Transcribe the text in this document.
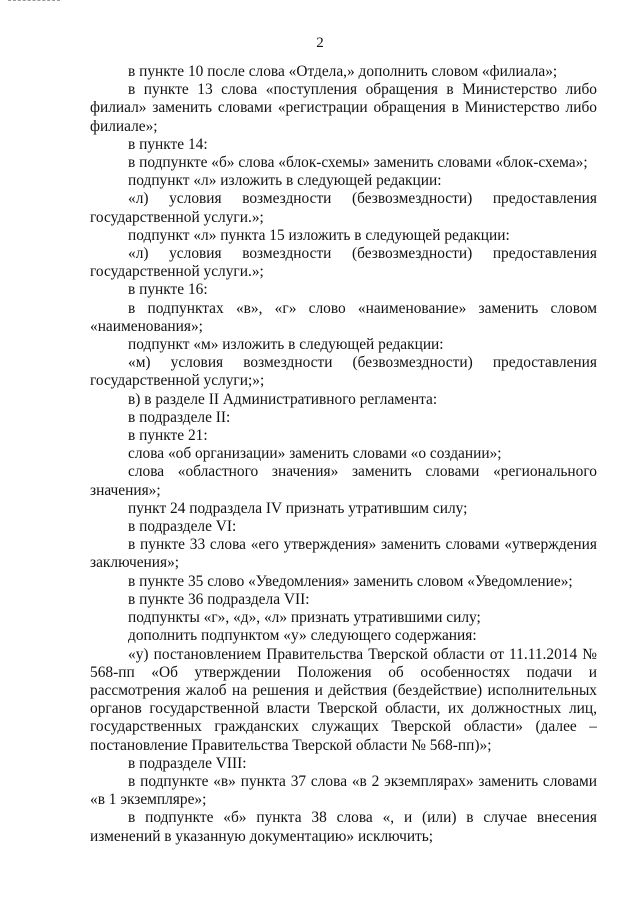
2

в пункте 10 после слова «Отдела,» дополнить словом «филиала»;

в пункте 13 слова «поступления обращения в Министерство либо филиал» заменить словами «регистрации обращения в Министерство либо филиале»;

в пункте 14:

в подпункте «б» слова «блок-схемы» заменить словами «блок-схема»;

подпункт «л» изложить в следующей редакции:

«л) условия возмездности (безвозмездности) предоставления государственной услуги.»;

подпункт «л» пункта 15 изложить в следующей редакции:

«л) условия возмездности (безвозмездности) предоставления государственной услуги.»;

в пункте 16:

в подпунктах «в», «г» слово «наименование» заменить словом «наименования»;

подпункт «м» изложить в следующей редакции:

«м) условия возмездности (безвозмездности) предоставления государственной услуги;»;

в) в разделе II Административного регламента:

в подразделе II:

в пункте 21:

слова «об организации» заменить словами «о создании»;

слова «областного значения» заменить словами «регионального значения»;

пункт 24 подраздела IV признать утратившим силу;

в подразделе VI:

в пункте 33 слова «его утверждения» заменить словами «утверждения заключения»;

в пункте 35 слово «Уведомления» заменить словом «Уведомление»;

в пункте 36 подраздела VII:

подпункты «г», «д», «л» признать утратившими силу;

дополнить подпунктом «у» следующего содержания:

«у) постановлением Правительства Тверской области от 11.11.2014 № 568-пп «Об утверждении Положения об особенностях подачи и рассмотрения жалоб на решения и действия (бездействие) исполнительных органов государственной власти Тверской области, их должностных лиц, государственных гражданских служащих Тверской области» (далее – постановление Правительства Тверской области № 568-пп)»;

в подразделе VIII:

в подпункте «в» пункта 37 слова «в 2 экземплярах» заменить словами «в 1 экземпляре»;

в подпункте «б» пункта 38 слова «, и (или) в случае внесения изменений в указанную документацию» исключить;
